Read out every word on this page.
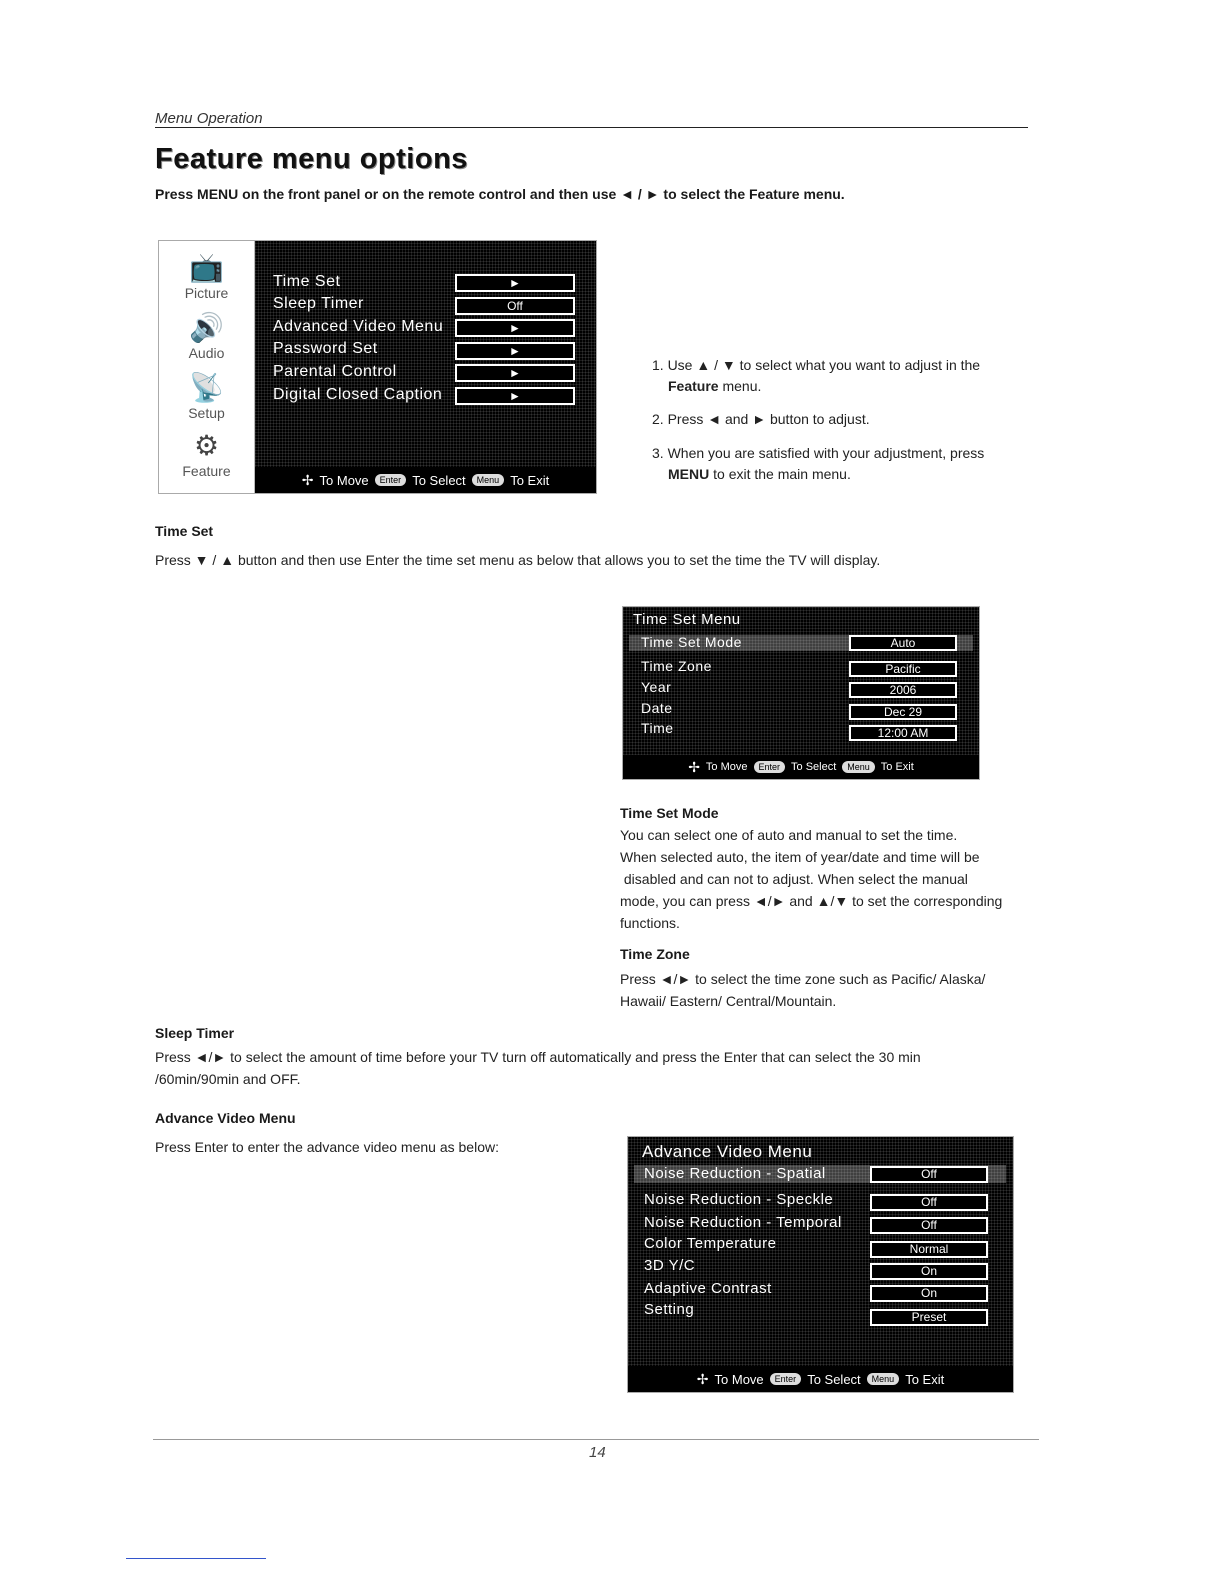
Menu Operation
Feature menu options
Press MENU on the front panel or on the remote control and then use ◄ / ► to select the Feature menu.
📺
Picture
🔊
Audio
📡
Setup
⚙
Feature
Time Set	►
Sleep Timer	Off
Advanced Video Menu	►
Password Set	►
Parental Control	►
Digital Closed Caption	►
✢ To Move	Enter To Select	Menu To Exit
1. Use ▲ / ▼ to select what you want to adjust in the
Feature menu.
2. Press ◄ and ► button to adjust.
3. When you are satisfied with your adjustment, press
MENU to exit the main menu.
Time Set
Press ▼ / ▲ button and then use Enter the time set menu as below that allows you to set the time the TV will display.
Time Set Menu
Time Set Mode	Auto
Time Zone	Pacific
Year	2006
Date	Dec 29
Time	12:00 AM
✢ To Move	Enter	To Select	Menu	To Exit
Time Set Mode
You can select one of auto and manual to set the time.
When selected auto, the item of year/date and time will be
disabled and can not to adjust. When select the manual
mode, you can press ◄/► and ▲/▼ to set the corresponding
functions.
Time Zone
Press ◄/► to select the time zone such as Pacific/ Alaska/
Hawaii/ Eastern/ Central/Mountain.
Sleep Timer
Press ◄/► to select the amount of time before your TV turn off automatically and press the Enter that can select the 30 min
/60min/90min and OFF.
Advance Video Menu
Press Enter to enter the advance video menu as below:	Advance Video Menu
Noise Reduction - Spatial	Off
Noise Reduction - Speckle	Off
Noise Reduction - Temporal	Off
Color Temperature	Normal
3D Y/C	On
Adaptive Contrast	On
Setting	Preset
✢ To Move	Enter To Select	Menu To Exit
14
